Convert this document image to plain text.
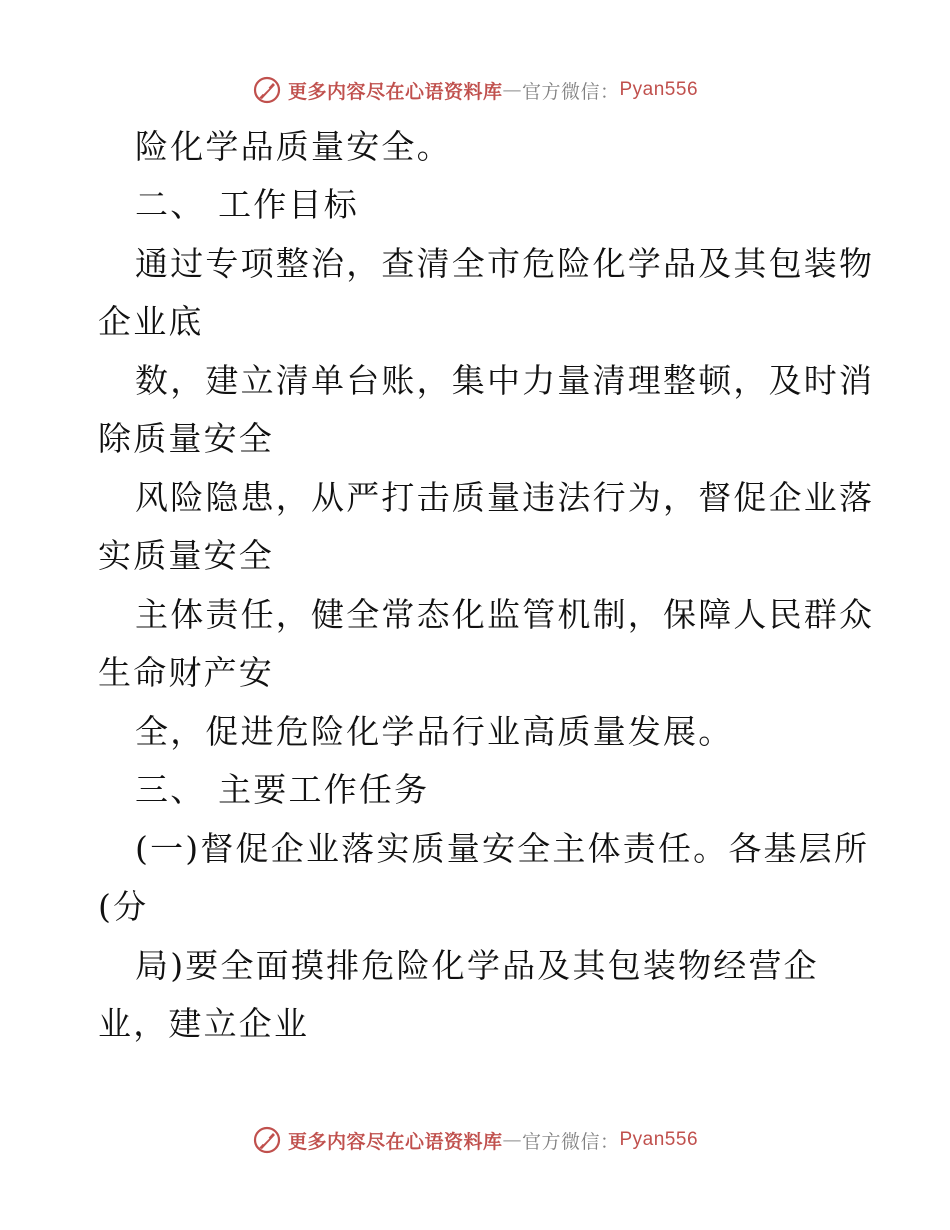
更多内容尽在心语资料库 — 官方微信： Pyan556
险化学品质量安全。
二、 工作目标
通过专项整治，查清全市危险化学品及其包装物
企业底
数，建立清单台账，集中力量清理整顿，及时消
除质量安全
风险隐患，从严打击质量违法行为，督促企业落
实质量安全
主体责任，健全常态化监管机制，保障人民群众
生命财产安
全，促进危险化学品行业高质量发展。
三、 主要工作任务
(一)督促企业落实质量安全主体责任。各基层所
(分
局)要全面摸排危险化学品及其包装物经营企
业，建立企业
更多内容尽在心语资料库 — 官方微信： Pyan556
